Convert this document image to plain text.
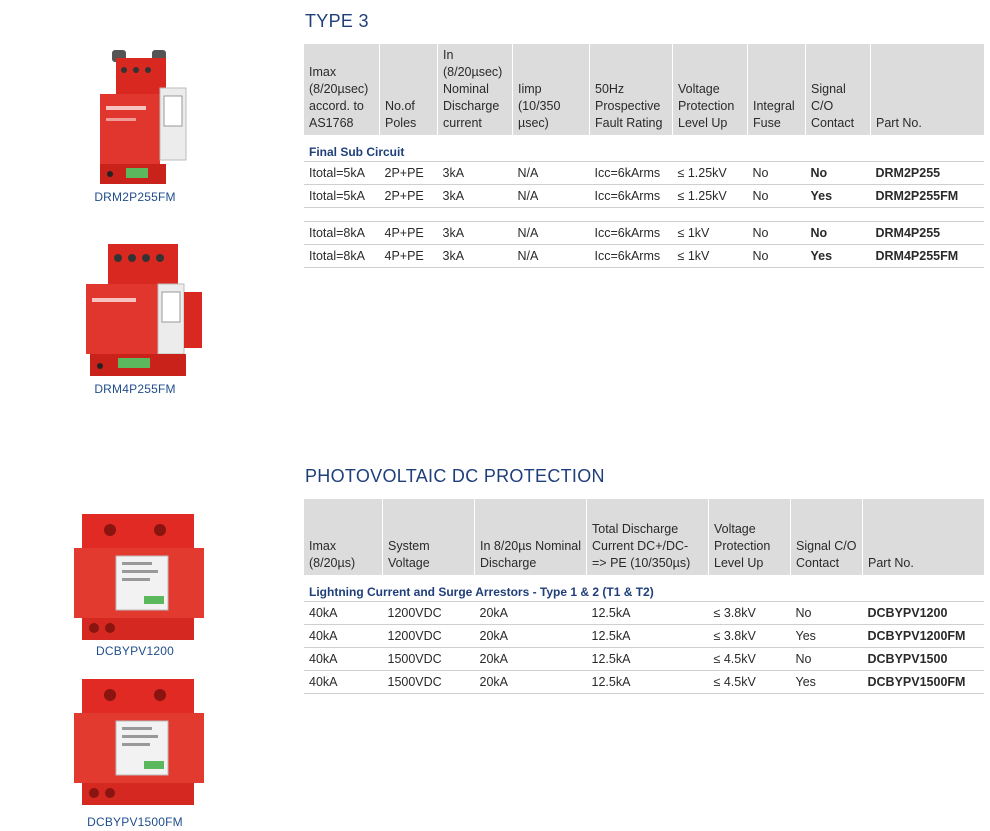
DRM2P255FM
DRM4P255FM
DCBYPV1200
DCBYPV1500FM
TYPE 3
Imax (8/20µsec) accord. to AS1768	No.of Poles	In (8/20µsec) Nominal Discharge current	Iimp (10/350 µsec)	50Hz Prospective Fault Rating	Voltage Protection Level Up	Integral Fuse	Signal C/O Contact	Part No.
Final Sub Circuit								
Itotal=5kA	2P+PE	3kA	N/A	Icc=6kArms	≤ 1.25kV	No	No	DRM2P255
Itotal=5kA	2P+PE	3kA	N/A	Icc=6kArms	≤ 1.25kV	No	Yes	DRM2P255FM

Itotal=8kA	4P+PE	3kA	N/A	Icc=6kArms	≤ 1kV	No	No	DRM4P255
Itotal=8kA	4P+PE	3kA	N/A	Icc=6kArms	≤ 1kV	No	Yes	DRM4P255FM
PHOTOVOLTAIC DC PROTECTION
Imax (8/20µs)	System Voltage	In 8/20µs Nominal Discharge	Total Discharge Current DC+/DC- => PE (10/350µs)	Voltage Protection Level Up	Signal C/O Contact	Part No.
Lightning Current and Surge Arrestors - Type 1 & 2 (T1 & T2)						
40kA	1200VDC	20kA	12.5kA	≤ 3.8kV	No	DCBYPV1200
40kA	1200VDC	20kA	12.5kA	≤ 3.8kV	Yes	DCBYPV1200FM
40kA	1500VDC	20kA	12.5kA	≤ 4.5kV	No	DCBYPV1500
40kA	1500VDC	20kA	12.5kA	≤ 4.5kV	Yes	DCBYPV1500FM
